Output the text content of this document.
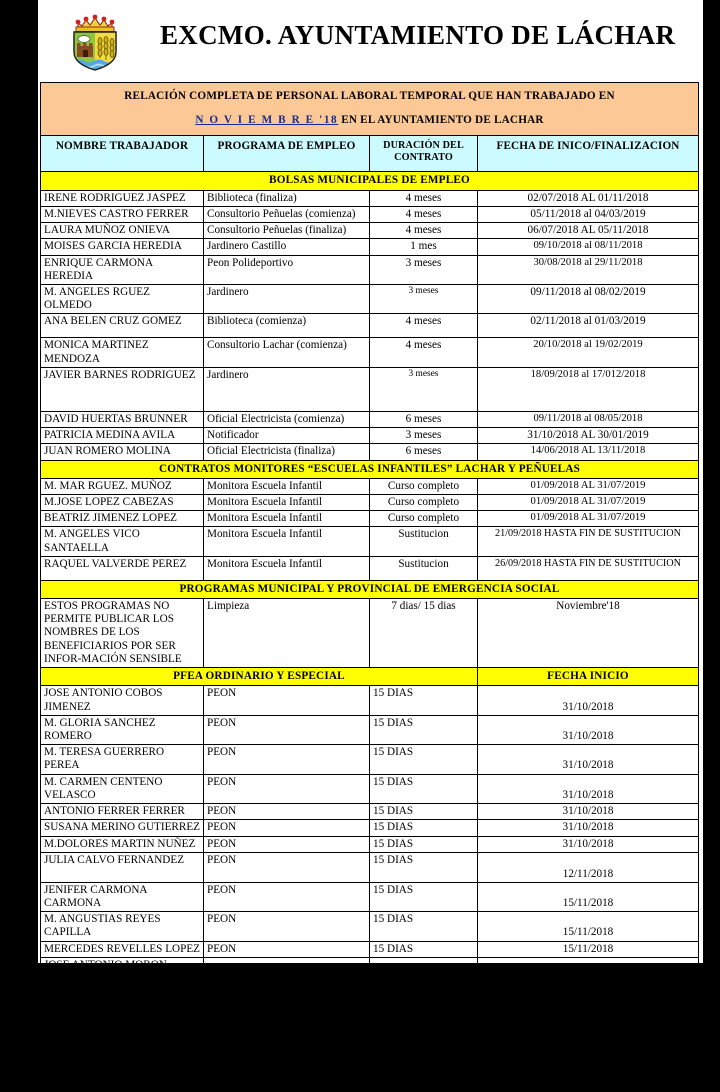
EXCMO. AYUNTAMIENTO DE LÁCHAR
RELACIÓN COMPLETA DE PERSONAL LABORAL TEMPORAL QUE HAN TRABAJADO EN
N O V I E M B R E '18 EN EL AYUNTAMIENTO DE LACHAR			

NOMBRE TRABAJADOR	PROGRAMA DE EMPLEO	DURACIÓN DEL CONTRATO	FECHA DE INICO/FINALIZACION
BOLSAS MUNICIPALES DE EMPLEO			
IRENE RODRIGUEZ JASPEZ	Biblioteca (finaliza)	4 meses	02/07/2018 AL 01/11/2018
M.NIEVES CASTRO FERRER	Consultorio Peñuelas (comienza)	4 meses	05/11/2018 al 04/03/2019
LAURA MUÑOZ ONIEVA	Consultorio Peñuelas (finaliza)	4 meses	06/07/2018 AL 05/11/2018
MOISES GARCIA HEREDIA	Jardinero Castillo	1 mes	09/10/2018 al 08/11/2018
ENRIQUE CARMONA HEREDIA	Peon Polideportivo	3 meses	30/08/2018 al 29/11/2018
M. ANGELES RGUEZ OLMEDO	Jardinero	3 meses	09/11/2018 al 08/02/2019
ANA BELEN CRUZ GOMEZ	Biblioteca (comienza)	4 meses	02/11/2018 al 01/03/2019
MONICA MARTINEZ MENDOZA	Consultorio Lachar (comienza)	4 meses	20/10/2018 al 19/02/2019
JAVIER BARNES RODRIGUEZ	Jardinero	3 meses	18/09/2018 al 17/012/2018
DAVID HUERTAS BRUNNER	Oficial Electricista (comienza)	6 meses	09/11/2018 al 08/05/2018
PATRICIA MEDINA AVILA	Notificador	3 meses	31/10/2018 AL 30/01/2019
JUAN ROMERO MOLINA	Oficial Electricista (finaliza)	6 meses	14/06/2018 AL 13/11/2018
CONTRATOS MONITORES “ESCUELAS INFANTILES” LACHAR Y PEÑUELAS			
M. MAR RGUEZ. MUÑOZ	Monitora Escuela Infantil	Curso completo	01/09/2018 AL 31/07/2019
M.JOSE LOPEZ CABEZAS	Monitora Escuela Infantil	Curso completo	01/09/2018 AL 31/07/2019
BEATRIZ JIMENEZ LOPEZ	Monitora Escuela Infantil	Curso completo	01/09/2018 AL 31/07/2019
M. ANGELES VICO SANTAELLA	Monitora Escuela Infantil	Sustitucion	21/09/2018 HASTA FIN DE SUSTITUCION
RAQUEL VALVERDE PEREZ	Monitora Escuela Infantil	Sustitucion	26/09/2018 HASTA FIN DE SUSTITUCION
PROGRAMAS MUNICIPAL Y PROVINCIAL DE EMERGENCIA SOCIAL			
ESTOS PROGRAMAS NO PERMITE PUBLICAR LOS NOMBRES DE LOS BENEFICIARIOS POR SER INFOR-MACIÓN SENSIBLE	Limpieza	7 dias/ 15 dias	Noviembre'18
PFEA ORDINARIO Y ESPECIAL			FECHA INICIO
JOSE ANTONIO COBOS JIMENEZ	PEON	15 DIAS	31/10/2018
M. GLORIA SANCHEZ ROMERO	PEON	15 DIAS	31/10/2018
M. TERESA GUERRERO PEREA	PEON	15 DIAS	31/10/2018
M. CARMEN CENTENO VELASCO	PEON	15 DIAS	31/10/2018
ANTONIO FERRER FERRER	PEON	15 DIAS	31/10/2018
SUSANA MERINO GUTIERREZ	PEON	15 DIAS	31/10/2018
M.DOLORES MARTIN NUÑEZ	PEON	15 DIAS	31/10/2018
JULIA CALVO FERNANDEZ	PEON	15 DIAS	12/11/2018
JENIFER CARMONA CARMONA	PEON	15 DIAS	15/11/2018
M. ANGUSTIAS REYES CAPILLA	PEON	15 DIAS	15/11/2018
MERCEDES REVELLES LOPEZ	PEON	15 DIAS	15/11/2018
JOSE ANTONIO MORON SANCHO	PEON	15 DIAS	26/11/2018
MARIA JOSE MARTIN MARTIN	PEON	15 DIAS	27/11/2018
RIMSKY JOAQUIN GUZMAN CAE-RO	PEON	15 DIAS	27/11/2018
ATO. LUIS MUÑOZ FERNANDEZ	OFICIAL 1ª	1 MES	31/10/2018
J. ATO. MORENO MAYORGAS	OFICIAL 1ª	1 MES	31/10/2018
